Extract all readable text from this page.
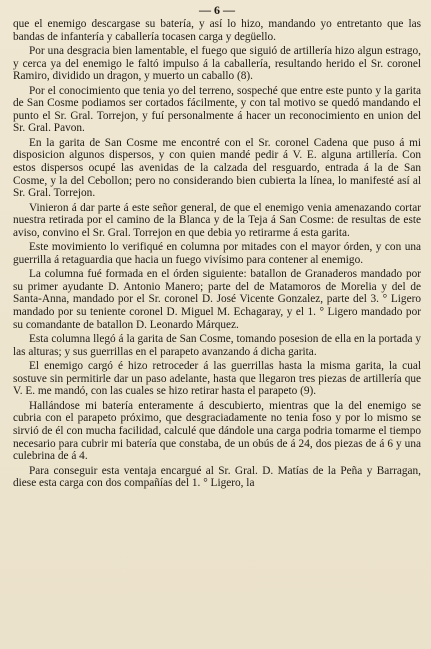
— 6 —

que el enemigo descargase su batería, y así lo hizo, mandando yo entretanto que las bandas de infantería y caballería tocasen carga y degüello.

Por una desgracia bien lamentable, el fuego que siguió de artillería hizo algun estrago, y cerca ya del enemigo le faltó impulso á la caballería, resultando herido el Sr. coronel Ramiro, dividido un dragon, y muerto un caballo (8).

Por el conocimiento que tenia yo del terreno, sospeché que entre este punto y la garita de San Cosme podiamos ser cortados fácilmente, y con tal motivo se quedó mandando el punto el Sr. Gral. Torrejon, y fuí personalmente á hacer un reconocimiento en union del Sr. Gral. Pavon.

En la garita de San Cosme me encontré con el Sr. coronel Cadena que puso á mi disposicion algunos dispersos, y con quien mandé pedir á V. E. alguna artillería. Con estos dispersos ocupé las avenidas de la calzada del resguardo, entrada á la de San Cosme, y la del Cebollon; pero no considerando bien cubierta la línea, lo manifesté así al Sr. Gral. Torrejon.

Vinieron á dar parte á este señor general, de que el enemigo venia amenazando cortar nuestra retirada por el camino de la Blanca y de la Teja á San Cosme: de resultas de este aviso, convino el Sr. Gral. Torrejon en que debia yo retirarme á esta garita.

Este movimiento lo verifiqué en columna por mitades con el mayor órden, y con una guerrilla á retaguardia que hacia un fuego vivísimo para contener al enemigo.

La columna fué formada en el órden siguiente: batallon de Granaderos mandado por su primer ayudante D. Antonio Manero; parte del de Matamoros de Morelia y del de Santa-Anna, mandado por el Sr. coronel D. José Vicente Gonzalez, parte del 3. ° Ligero mandado por su teniente coronel D. Miguel M. Echagaray, y el 1. ° Ligero mandado por su comandante de batallon D. Leonardo Márquez.

Esta columna llegó á la garita de San Cosme, tomando posesion de ella en la portada y las alturas; y sus guerrillas en el parapeto avanzando á dicha garita.

El enemigo cargó é hizo retroceder á las guerrillas hasta la misma garita, la cual sostuve sin permitirle dar un paso adelante, hasta que llegaron tres piezas de artillería que V. E. me mandó, con las cuales se hizo retirar hasta el parapeto (9).

Hallándose mi batería enteramente á descubierto, mientras que la del enemigo se cubria con el parapeto próximo, que desgraciadamente no tenia foso y por lo mismo se sirvió de él con mucha facilidad, calculé que dándole una carga podria tomarme el tiempo necesario para cubrir mi batería que constaba, de un obús de á 24, dos piezas de á 6 y una culebrina de á 4.

Para conseguir esta ventaja encargué al Sr. Gral. D. Matías de la Peña y Barragan, diese esta carga con dos compañías del 1. ° Ligero, la
